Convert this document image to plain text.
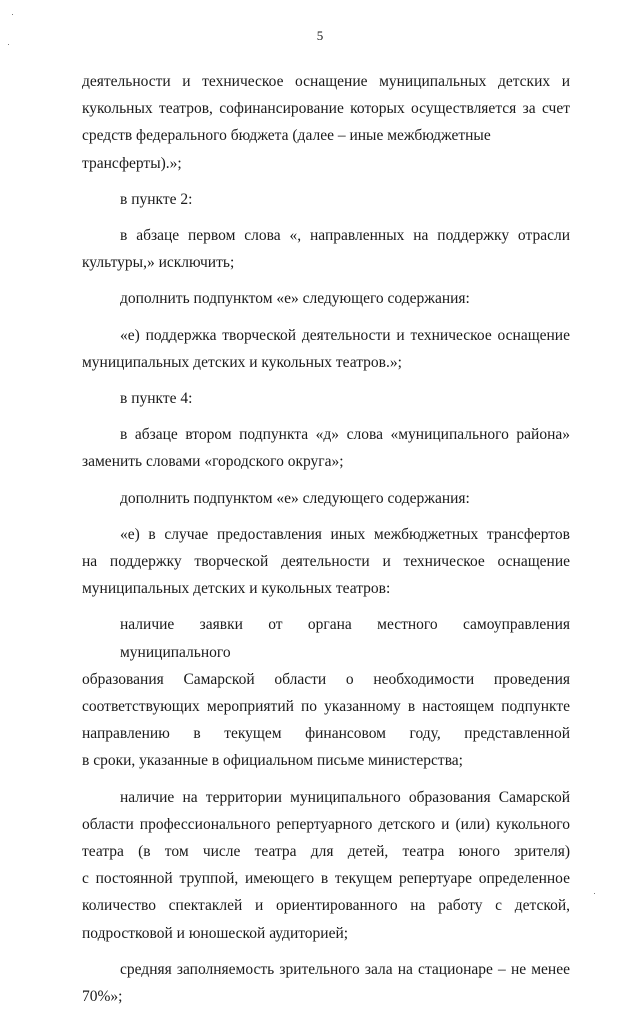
5

деятельности и техническое оснащение муниципальных детских и
кукольных театров, софинансирование которых осуществляется за счет
средств федерального бюджета (далее – иные межбюджетные трансферты).»;

в пункте 2:

в абзаце первом слова «, направленных на поддержку отрасли
культуры,» исключить;

дополнить подпунктом «е» следующего содержания:

«е) поддержка творческой деятельности и техническое оснащение
муниципальных детских и кукольных театров.»;

в пункте 4:

в абзаце втором подпункта «д» слова «муниципального района»
заменить словами «городского округа»;

дополнить подпунктом «е» следующего содержания:

«е) в случае предоставления иных межбюджетных трансфертов
на поддержку творческой деятельности и техническое оснащение
муниципальных детских и кукольных театров:

наличие заявки от органа местного самоуправления муниципального
образования Самарской области о необходимости проведения
соответствующих мероприятий по указанному в настоящем подпункте
направлению в текущем финансовом году, представленной
в сроки, указанные в официальном письме министерства;

наличие на территории муниципального образования Самарской
области профессионального репертуарного детского и (или) кукольного
театра (в том числе театра для детей, театра юного зрителя)
с постоянной труппой, имеющего в текущем репертуаре определенное
количество спектаклей и ориентированного на работу с детской,
подростковой и юношеской аудиторией;

средняя заполняемость зрительного зала на стационаре – не менее
70%»;
